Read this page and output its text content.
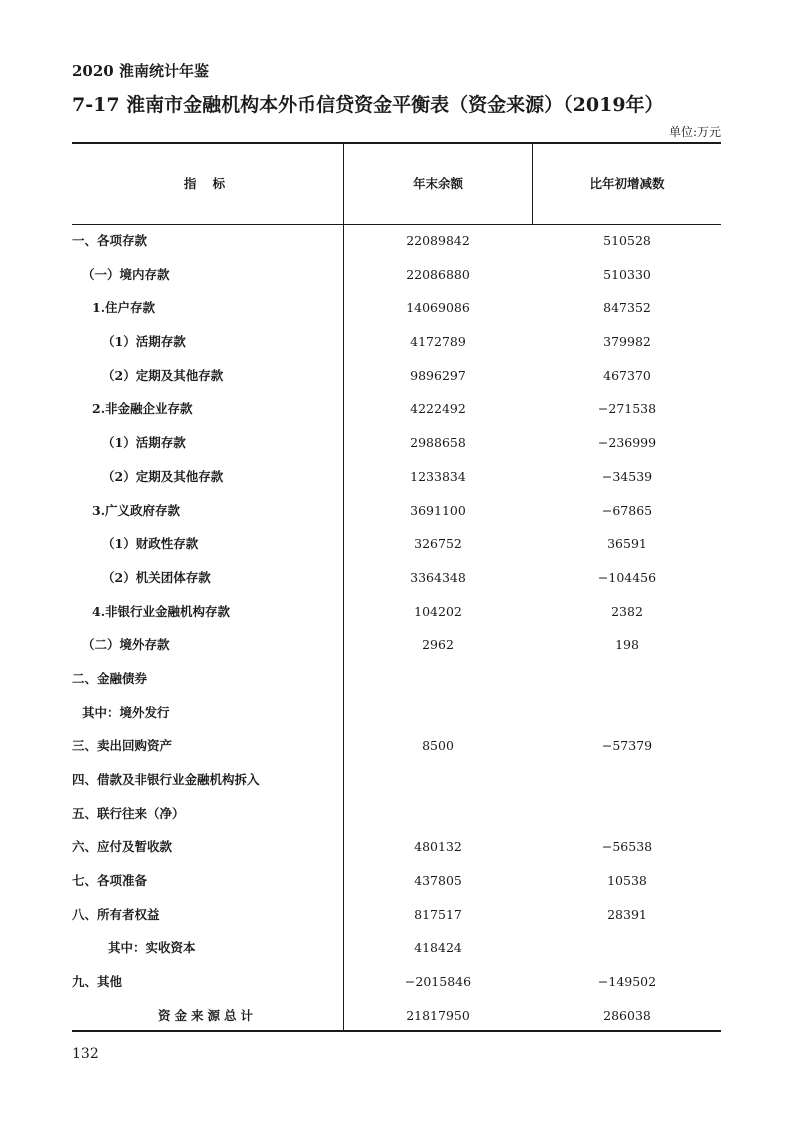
2020 淮南统计年鉴
7-17 淮南市金融机构本外币信贷资金平衡表（资金来源）（2019年）
单位:万元
指 标	年末余额	比年初增减数
一、各项存款	22089842	510528
（一）境内存款	22086880	510330
1.住户存款	14069086	847352
（1）活期存款	4172789	379982
（2）定期及其他存款	9896297	467370
2.非金融企业存款	4222492	−271538
（1）活期存款	2988658	−236999
（2）定期及其他存款	1233834	−34539
3.广义政府存款	3691100	−67865
（1）财政性存款	326752	36591
（2）机关团体存款	3364348	−104456
4.非银行业金融机构存款	104202	2382
（二）境外存款	2962	198
二、金融债券
其中：境外发行
三、卖出回购资产	8500	−57379
四、借款及非银行业金融机构拆入
五、联行往来（净）
六、应付及暂收款	480132	−56538
七、各项准备	437805	10538
八、所有者权益	817517	28391
其中：实收资本	418424
九、其他	−2015846	−149502
资金来源总计	21817950	286038
132
